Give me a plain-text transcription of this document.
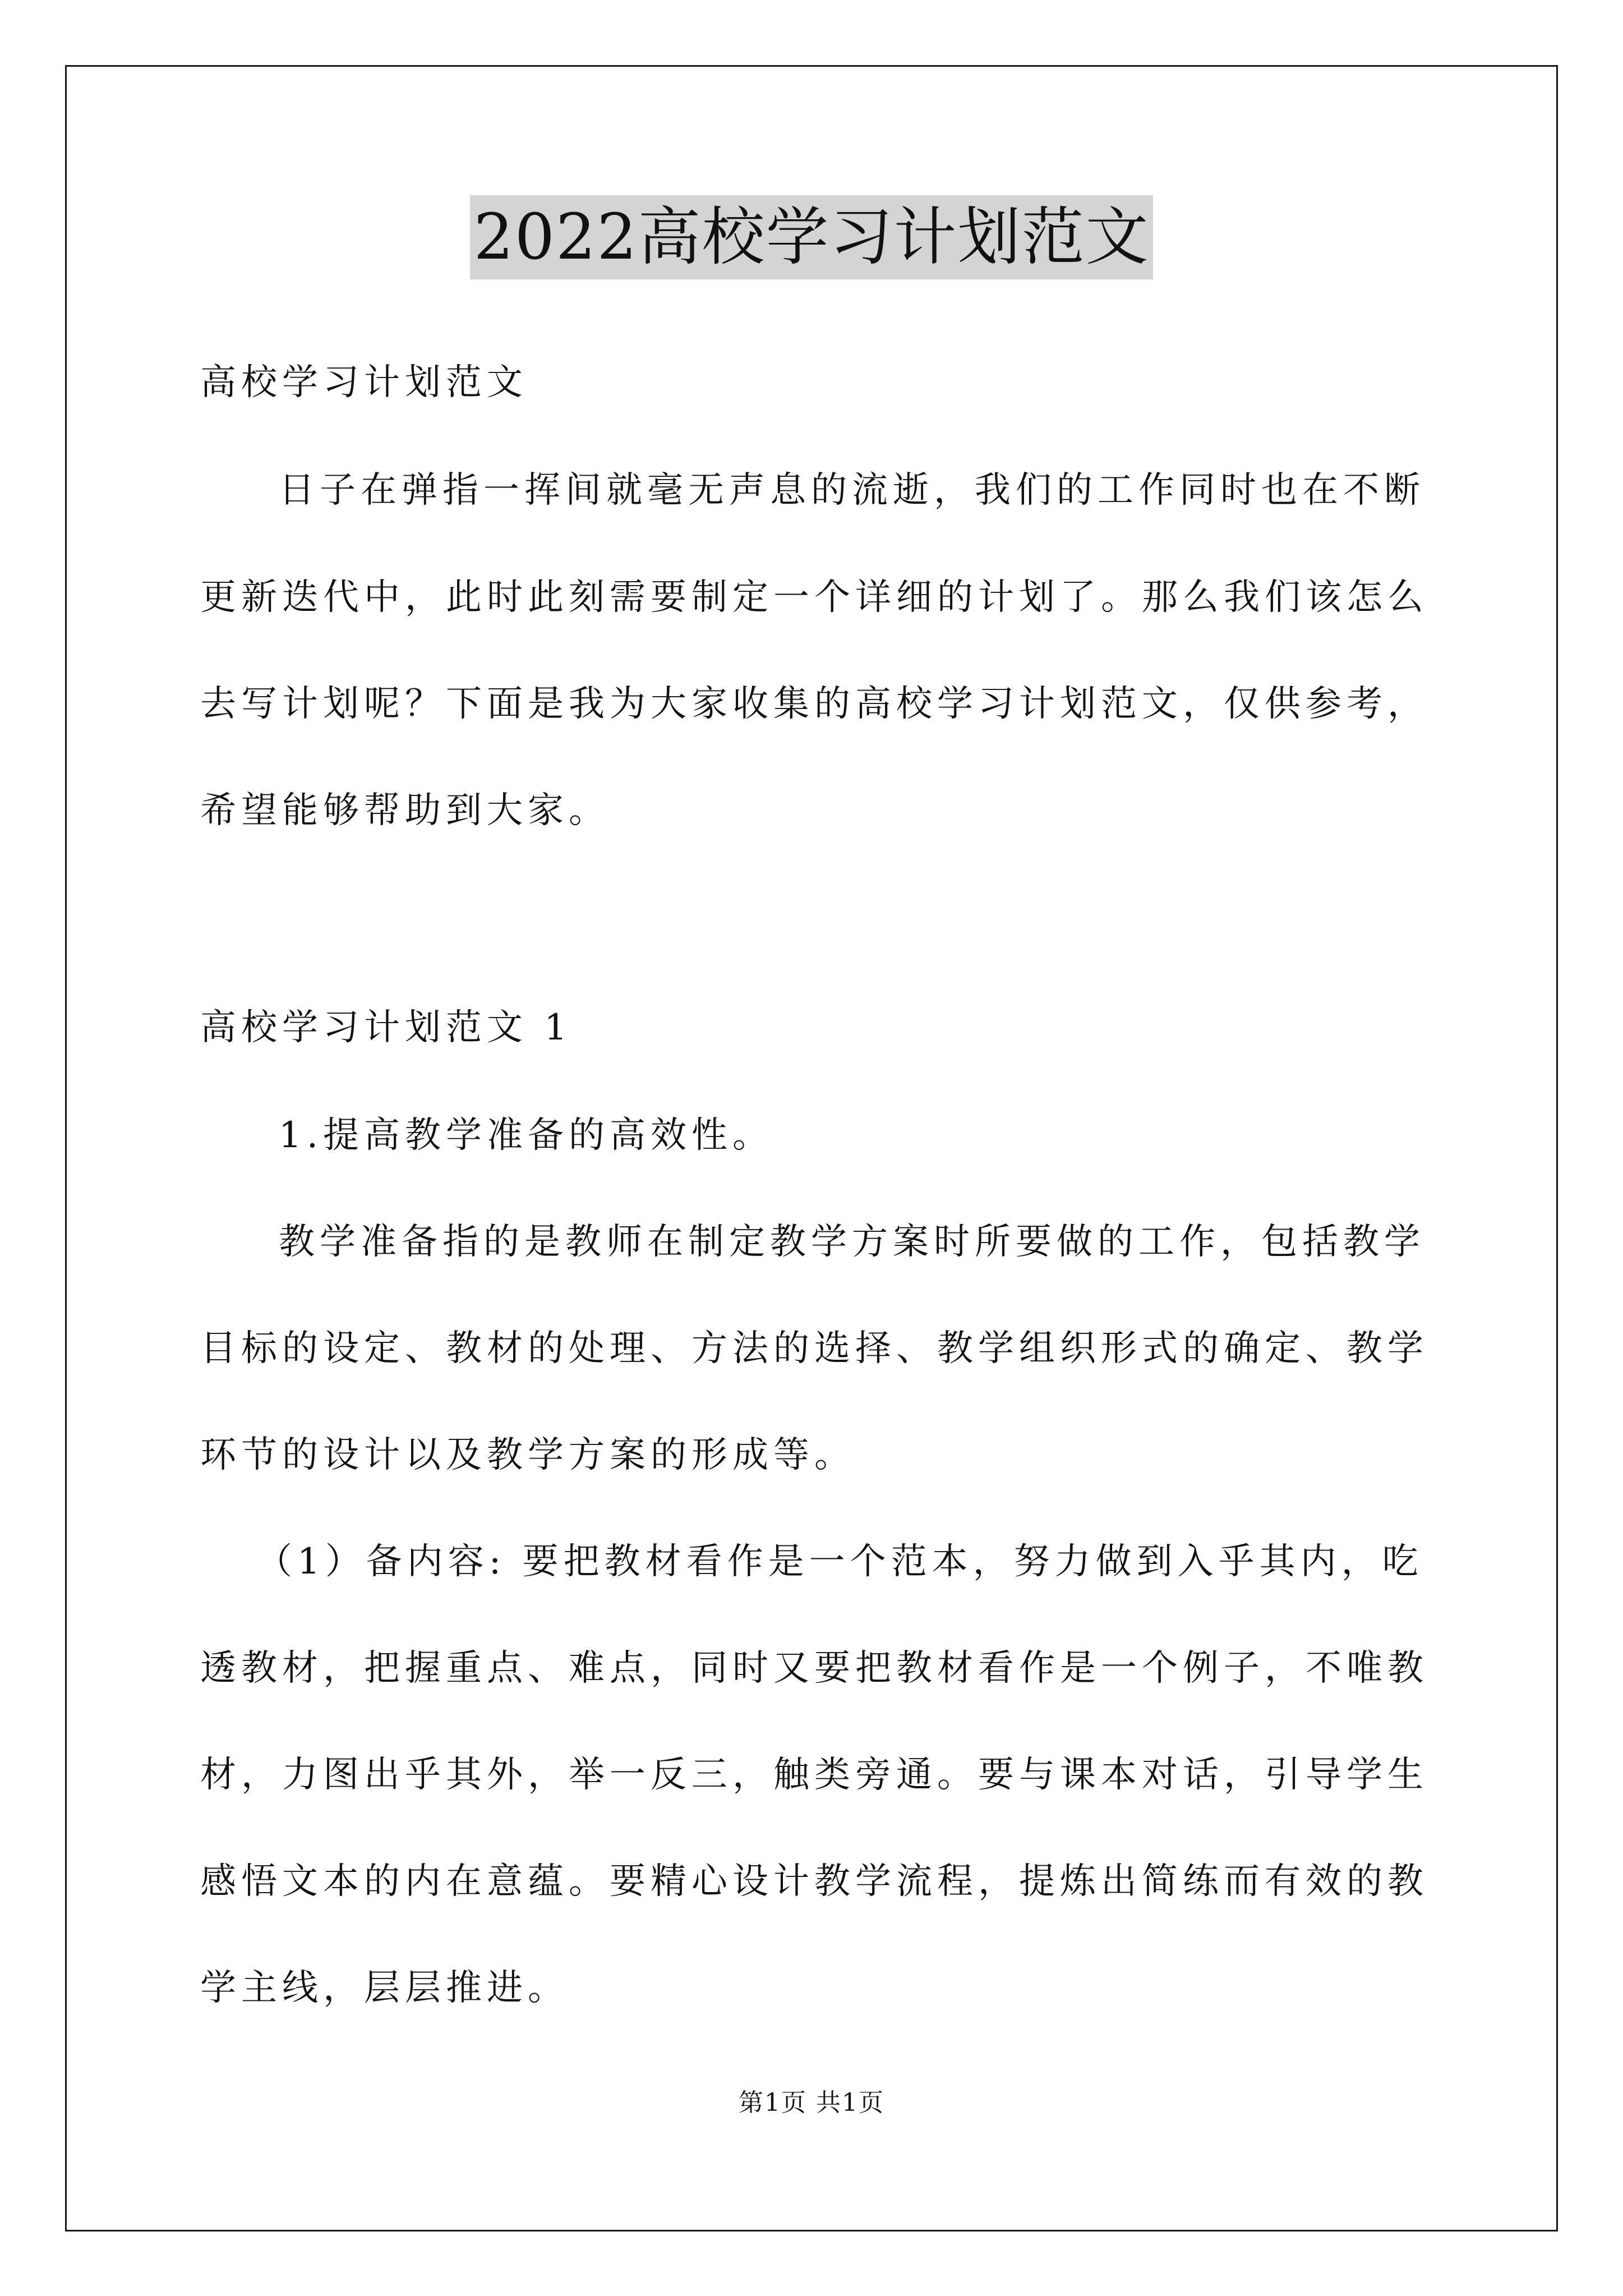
2022高校学习计划范文
高校学习计划范文
日子在弹指一挥间就毫无声息的流逝，我们的工作同时也在不断
更新迭代中，此时此刻需要制定一个详细的计划了。那么我们该怎么
去写计划呢？下面是我为大家收集的高校学习计划范文，仅供参考，
希望能够帮助到大家。
高校学习计划范文 1
1.提高教学准备的高效性。
教学准备指的是教师在制定教学方案时所要做的工作，包括教学
目标的设定、教材的处理、方法的选择、教学组织形式的确定、教学
环节的设计以及教学方案的形成等。
（1）备内容: 要把教材看作是一个范本，努力做到入乎其内，吃
透教材，把握重点、难点，同时又要把教材看作是一个例子，不唯教
材，力图出乎其外，举一反三，触类旁通。要与课本对话，引导学生
感悟文本的内在意蕴。要精心设计教学流程，提炼出简练而有效的教
学主线，层层推进。
第1页 共1页
